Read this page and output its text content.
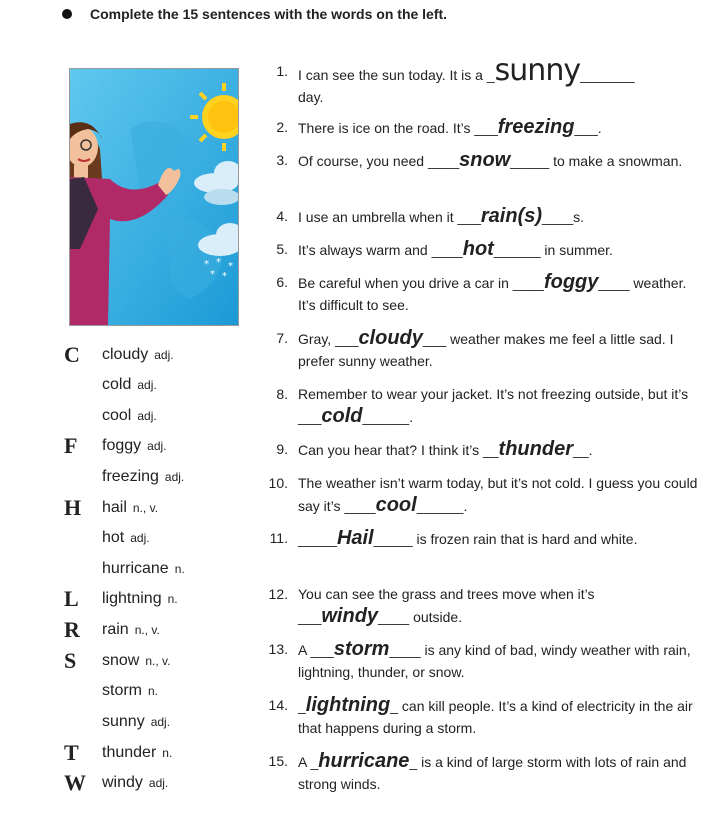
Complete the 15 sentences with the words on the left.
* * *
* *
C	cloudy adj.
cold adj.
cool adj.
F	foggy adj.
freezing adj.
H	hail n., v.
hot adj.
hurricane n.
L	lightning n.
R	rain n., v.
S	snow n., v.
storm n.
sunny adj.
T	thunder n.
W windy adj.
1. I can see the sun today. It is a _sunny_______
day.
2. There is ice on the road. It’s ___freezing___.
3. Of course, you need ____snow_____ to make a snowman.
4. I use an umbrella when it ___rain(s)____s.
5. It’s always warm and ____hot______ in summer.
6. Be careful when you drive a car in ____foggy____ weather. It’s difficult to see.
7. Gray, ___cloudy___ weather makes me feel a little sad. I prefer sunny weather.
8. Remember to wear your jacket. It’s not freezing outside, but it’s ___cold______.
9. Can you hear that? I think it’s __thunder__.
10. The weather isn’t warm today, but it’s not cold. I guess you could say it’s ____cool______.
11. _____Hail_____ is frozen rain that is hard and white.
12. You can see the grass and trees move when it’s ___windy____ outside.
13. A ___storm____ is any kind of bad, windy weather with rain, lightning, thunder, or snow.
14. _lightning_ can kill people. It’s a kind of electricity in the air that happens during a storm.
15. A _hurricane_ is a kind of large storm with lots of rain and strong winds.
